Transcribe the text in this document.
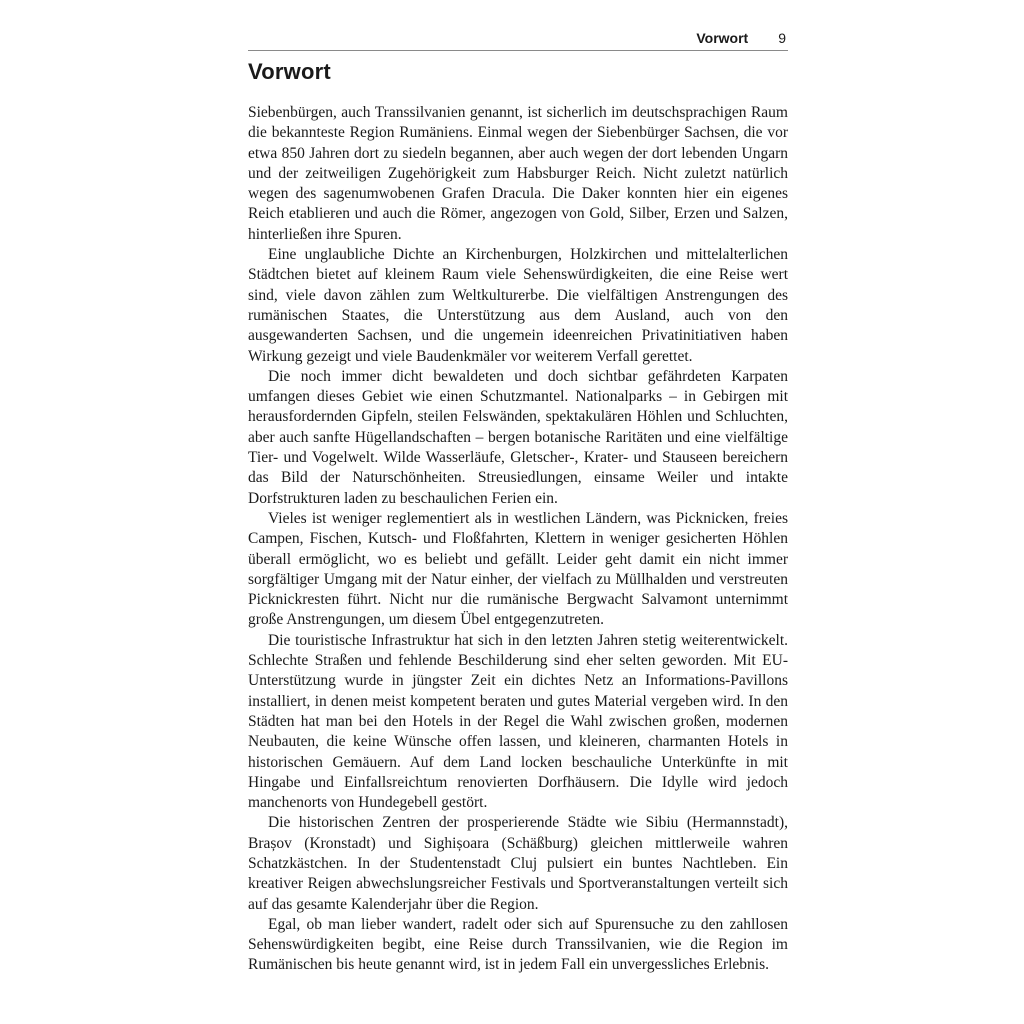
Vorwort 9
Vorwort

Siebenbürgen, auch Transsilvanien genannt, ist sicherlich im deutschsprachigen Raum die bekannteste Region Rumäniens. Einmal wegen der Siebenbürger Sachsen, die vor etwa 850 Jahren dort zu siedeln begannen, aber auch wegen der dort lebenden Ungarn und der zeitweiligen Zugehörigkeit zum Habsburger Reich. Nicht zuletzt natürlich wegen des sagenumwobenen Grafen Dracula. Die Daker konnten hier ein eigenes Reich etablieren und auch die Römer, angezogen von Gold, Silber, Erzen und Salzen, hinterließen ihre Spuren.

Eine unglaubliche Dichte an Kirchenburgen, Holzkirchen und mittelalterlichen Städtchen bietet auf kleinem Raum viele Sehenswürdigkeiten, die eine Reise wert sind, viele davon zählen zum Weltkulturerbe. Die vielfältigen Anstrengungen des rumänischen Staates, die Unterstützung aus dem Ausland, auch von den ausgewanderten Sachsen, und die ungemein ideenreichen Privatinitiativen haben Wirkung gezeigt und viele Baudenkmäler vor weiterem Verfall gerettet.

Die noch immer dicht bewaldeten und doch sichtbar gefährdeten Karpaten umfangen dieses Gebiet wie einen Schutzmantel. Nationalparks – in Gebirgen mit herausfordernden Gipfeln, steilen Felswänden, spektakulären Höhlen und Schluchten, aber auch sanfte Hügellandschaften – bergen botanische Raritäten und eine vielfältige Tier- und Vogelwelt. Wilde Wasserläufe, Gletscher-, Krater- und Stauseen bereichern das Bild der Naturschönheiten. Streusiedlungen, einsame Weiler und intakte Dorfstrukturen laden zu beschaulichen Ferien ein.

Vieles ist weniger reglementiert als in westlichen Ländern, was Picknicken, freies Campen, Fischen, Kutsch- und Floßfahrten, Klettern in weniger gesicherten Höhlen überall ermöglicht, wo es beliebt und gefällt. Leider geht damit ein nicht immer sorgfältiger Umgang mit der Natur einher, der vielfach zu Müllhalden und verstreuten Picknickresten führt. Nicht nur die rumänische Bergwacht Salvamont unternimmt große Anstrengungen, um diesem Übel entgegenzutreten.

Die touristische Infrastruktur hat sich in den letzten Jahren stetig weiterentwickelt. Schlechte Straßen und fehlende Beschilderung sind eher selten geworden. Mit EU-Unterstützung wurde in jüngster Zeit ein dichtes Netz an Informations-Pavillons installiert, in denen meist kompetent beraten und gutes Material vergeben wird. In den Städten hat man bei den Hotels in der Regel die Wahl zwischen großen, modernen Neubauten, die keine Wünsche offen lassen, und kleineren, charmanten Hotels in historischen Gemäuern. Auf dem Land locken beschauliche Unterkünfte in mit Hingabe und Einfallsreichtum renovierten Dorfhäusern. Die Idylle wird jedoch manchenorts von Hundegebell gestört.

Die historischen Zentren der prosperierende Städte wie Sibiu (Hermannstadt), Brașov (Kronstadt) und Sighișoara (Schäßburg) gleichen mittlerweile wahren Schatzkästchen. In der Studentenstadt Cluj pulsiert ein buntes Nachtleben. Ein kreativer Reigen abwechslungsreicher Festivals und Sportveranstaltungen verteilt sich auf das gesamte Kalenderjahr über die Region.

Egal, ob man lieber wandert, radelt oder sich auf Spurensuche zu den zahllosen Sehenswürdigkeiten begibt, eine Reise durch Transsilvanien, wie die Region im Rumänischen bis heute genannt wird, ist in jedem Fall ein unvergessliches Erlebnis.
